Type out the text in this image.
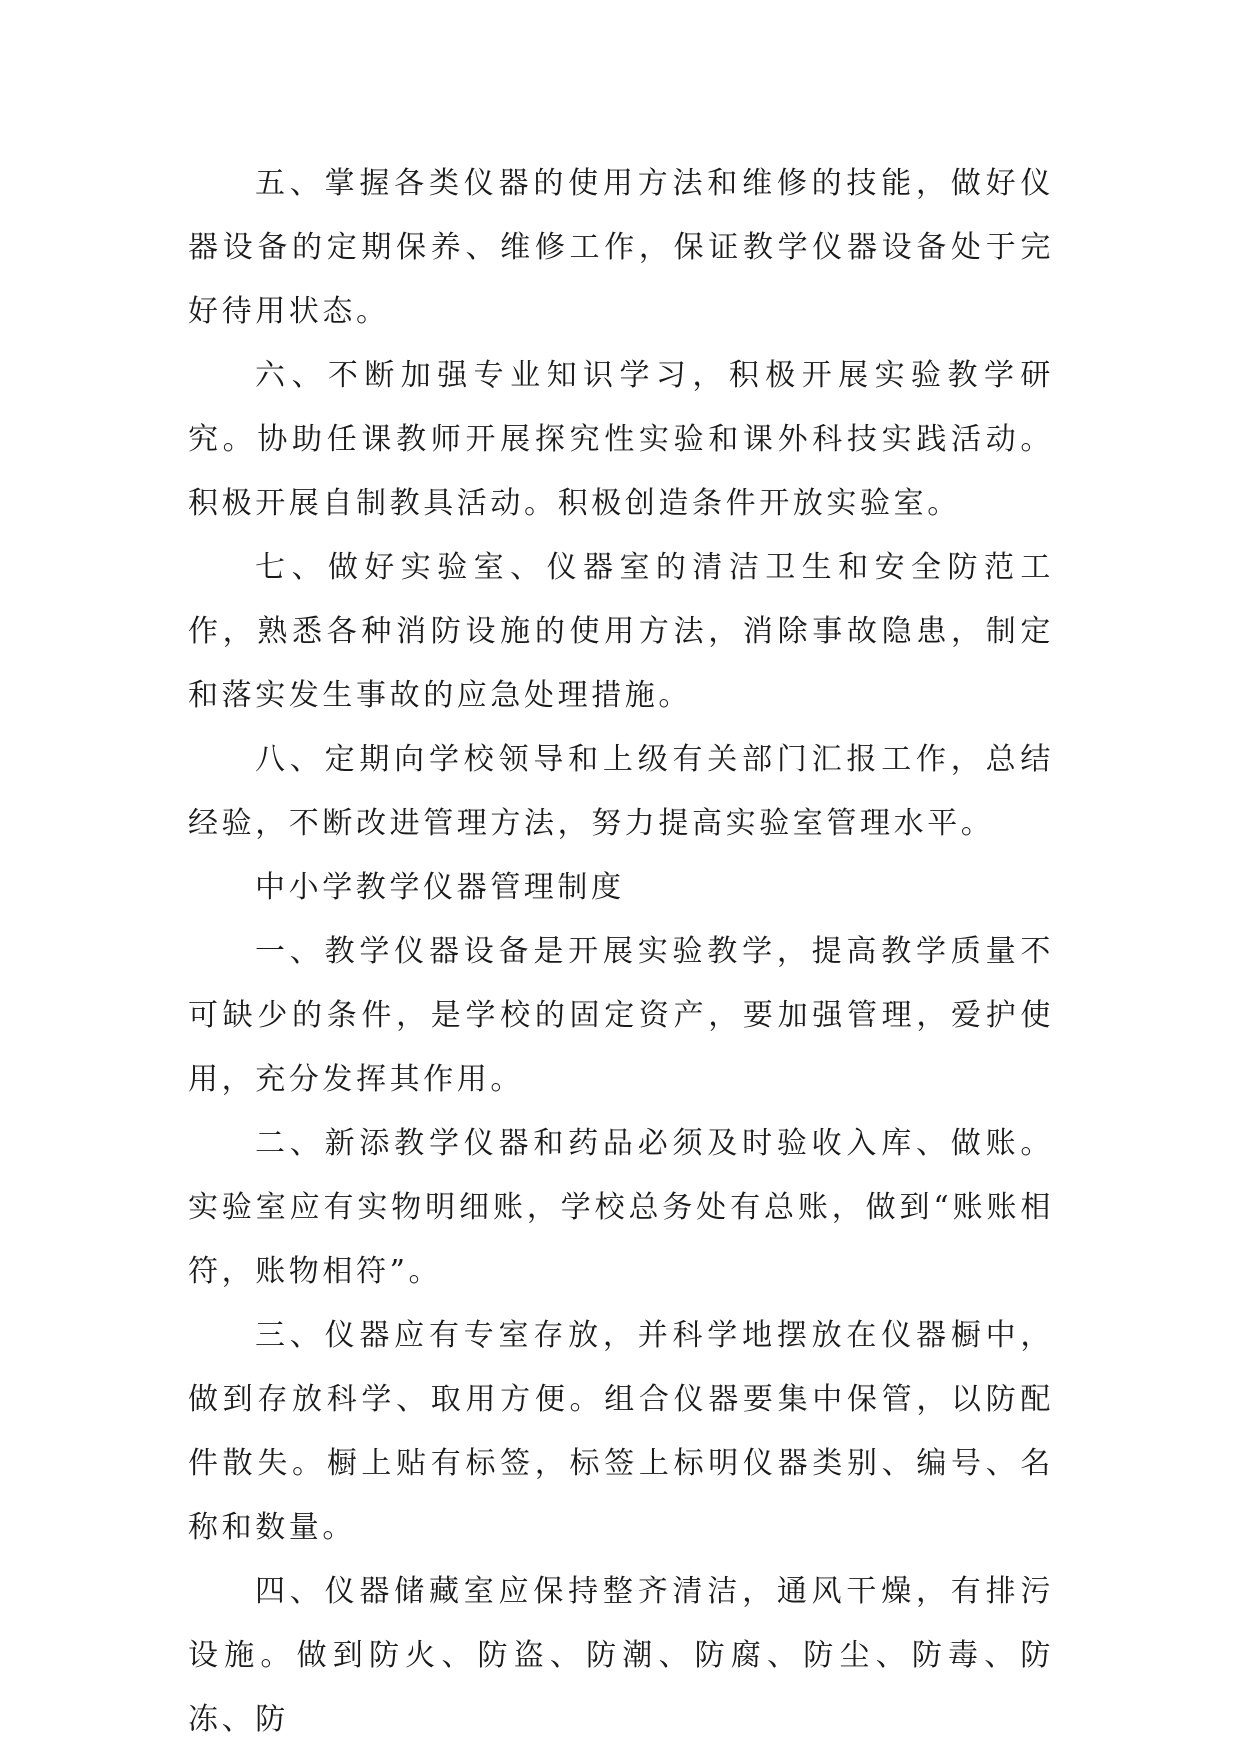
五、掌握各类仪器的使用方法和维修的技能，做好仪器设备的定期保养、维修工作，保证教学仪器设备处于完好待用状态。

六、不断加强专业知识学习，积极开展实验教学研究。协助任课教师开展探究性实验和课外科技实践活动。积极开展自制教具活动。积极创造条件开放实验室。

七、做好实验室、仪器室的清洁卫生和安全防范工作，熟悉各种消防设施的使用方法，消除事故隐患，制定和落实发生事故的应急处理措施。

八、定期向学校领导和上级有关部门汇报工作，总结经验，不断改进管理方法，努力提高实验室管理水平。

中小学教学仪器管理制度

一、教学仪器设备是开展实验教学，提高教学质量不可缺少的条件，是学校的固定资产，要加强管理，爱护使用，充分发挥其作用。

二、新添教学仪器和药品必须及时验收入库、做账。实验室应有实物明细账，学校总务处有总账，做到“账账相符，账物相符”。

三、仪器应有专室存放，并科学地摆放在仪器橱中，做到存放科学、取用方便。组合仪器要集中保管，以防配件散失。橱上贴有标签，标签上标明仪器类别、编号、名称和数量。

四、仪器储藏室应保持整齐清洁，通风干燥，有排污设施。做到防火、防盗、防潮、防腐、防尘、防毒、防冻、防
